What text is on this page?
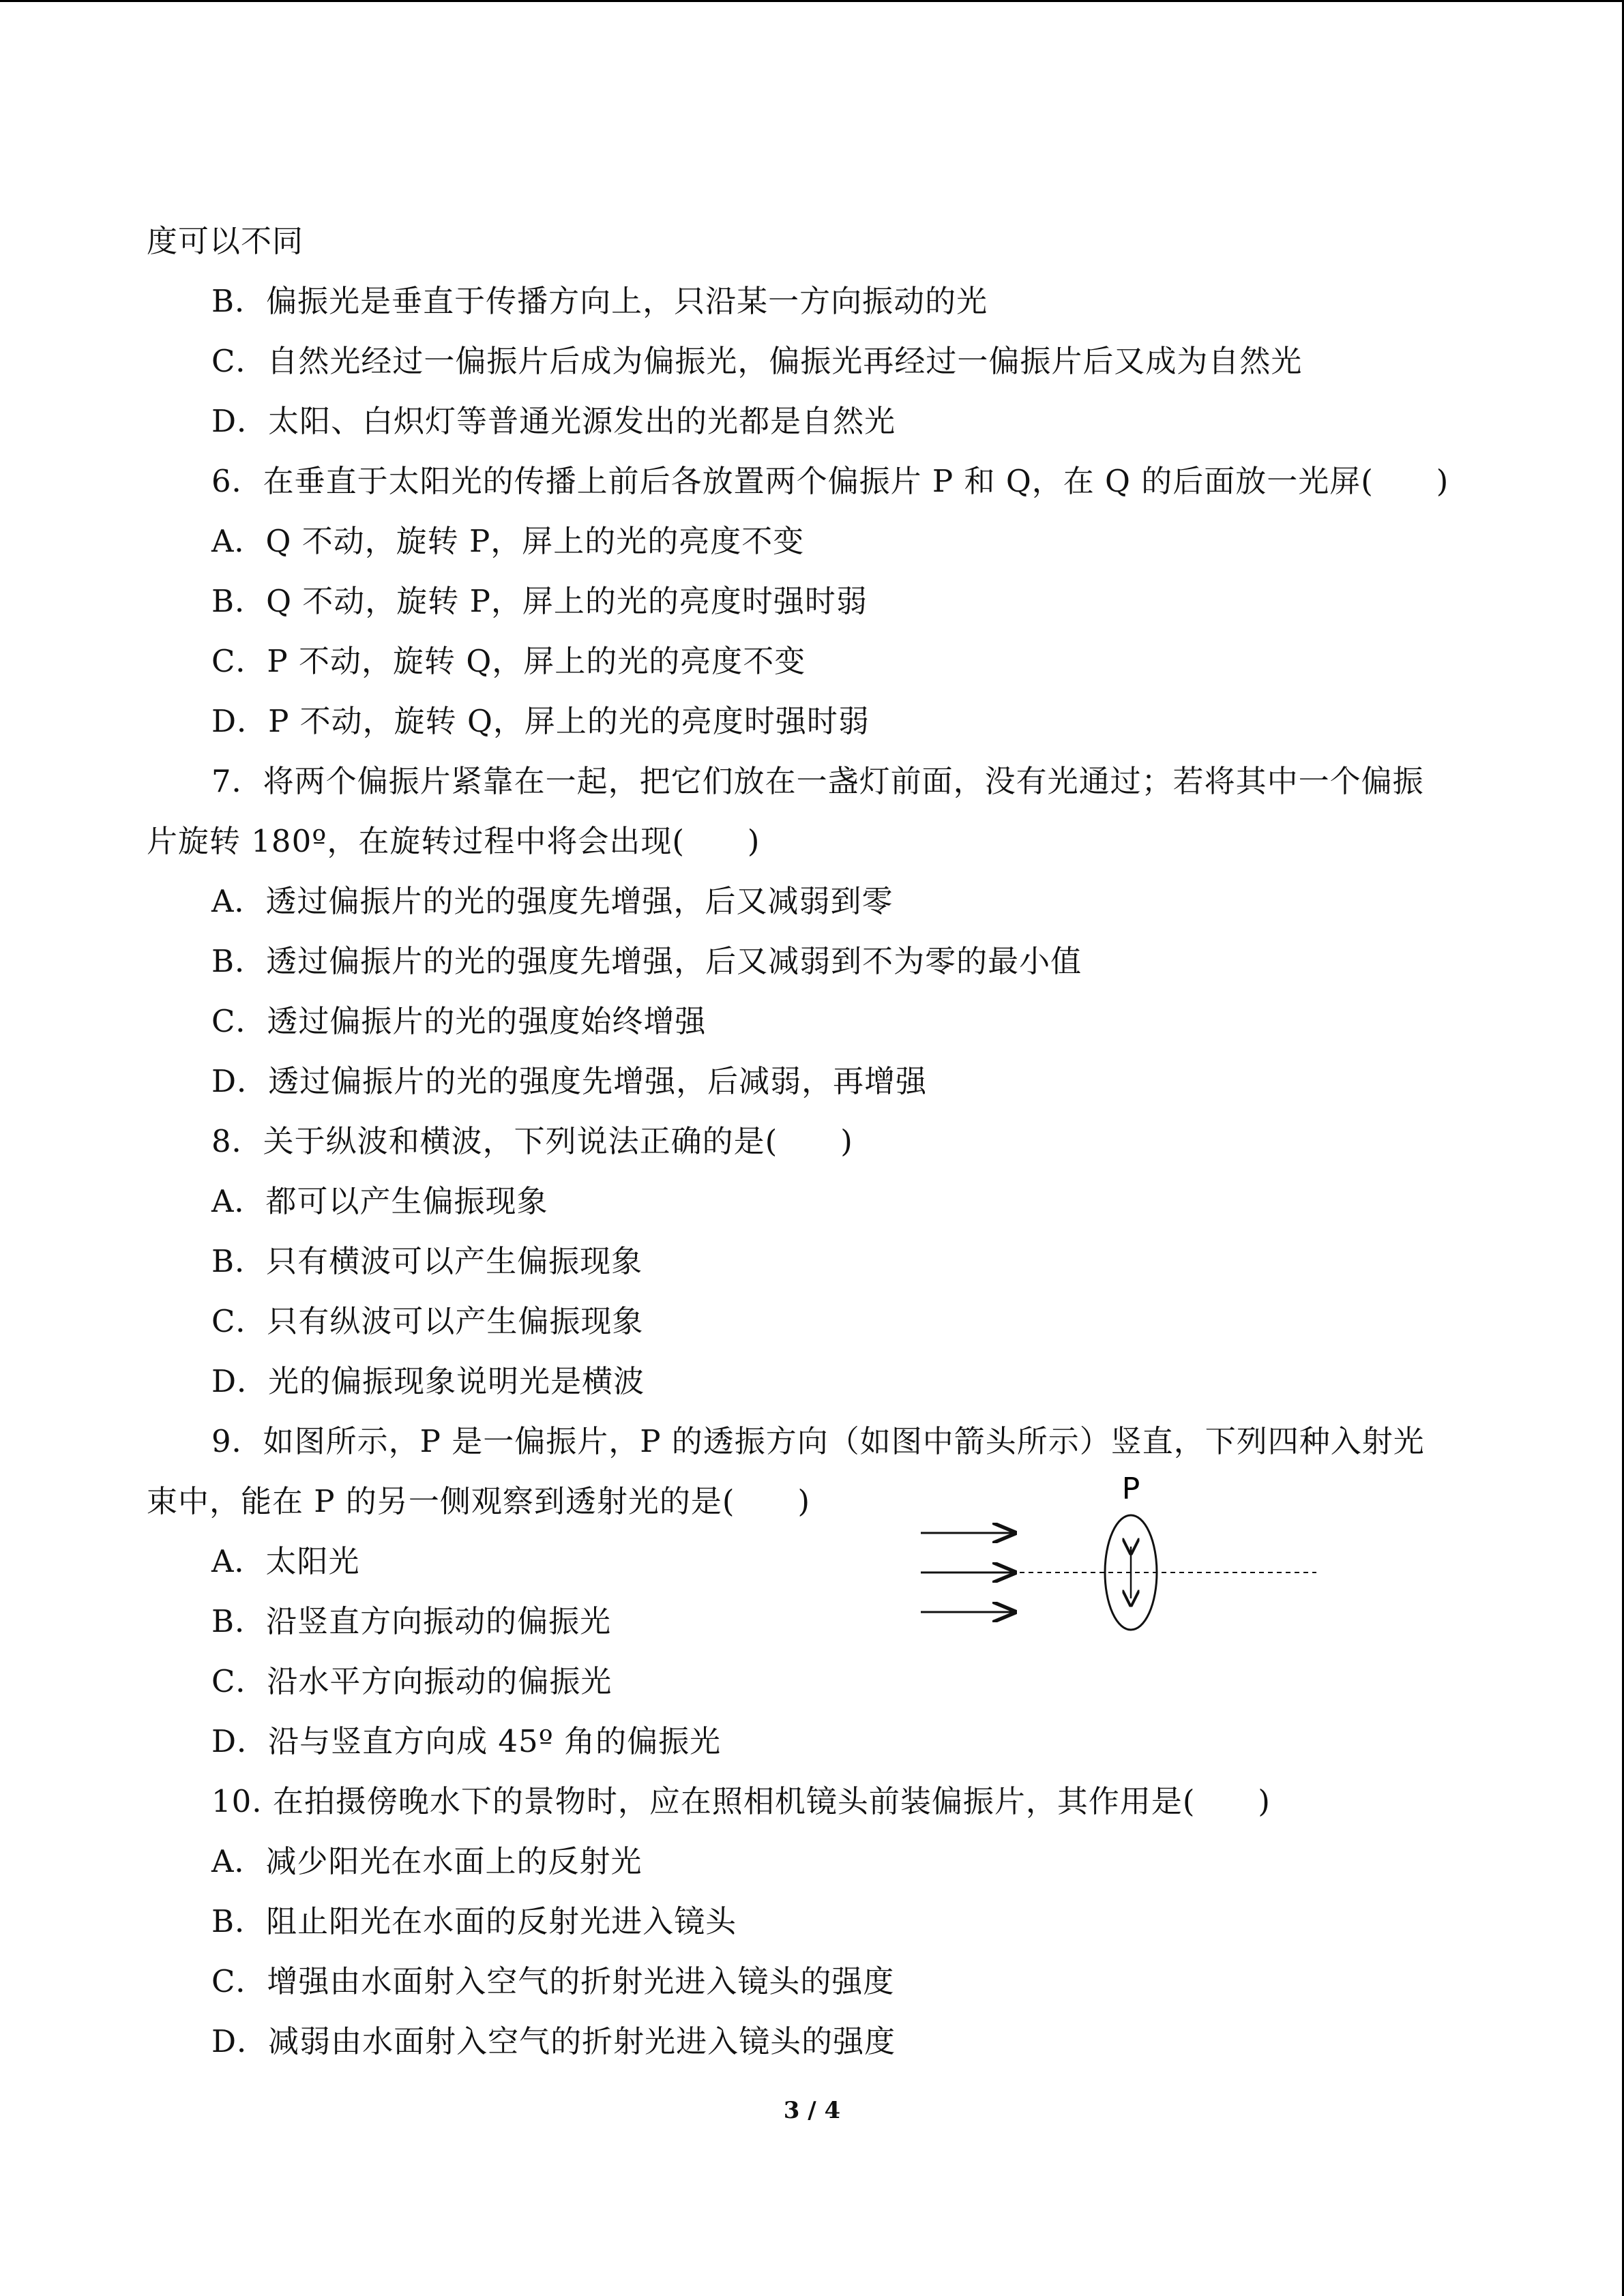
度可以不同
B．偏振光是垂直于传播方向上，只沿某一方向振动的光
C．自然光经过一偏振片后成为偏振光，偏振光再经过一偏振片后又成为自然光
D．太阳、白炽灯等普通光源发出的光都是自然光
6．在垂直于太阳光的传播上前后各放置两个偏振片 P 和 Q，在 Q 的后面放一光屏(　　)
A．Q 不动，旋转 P，屏上的光的亮度不变
B．Q 不动，旋转 P，屏上的光的亮度时强时弱
C．P 不动，旋转 Q，屏上的光的亮度不变
D．P 不动，旋转 Q，屏上的光的亮度时强时弱
7．将两个偏振片紧靠在一起，把它们放在一盏灯前面，没有光通过；若将其中一个偏振
片旋转 180º，在旋转过程中将会出现(　　)
A．透过偏振片的光的强度先增强，后又减弱到零
B．透过偏振片的光的强度先增强，后又减弱到不为零的最小值
C．透过偏振片的光的强度始终增强
D．透过偏振片的光的强度先增强，后减弱，再增强
8．关于纵波和横波，下列说法正确的是(　　)
A．都可以产生偏振现象
B．只有横波可以产生偏振现象
C．只有纵波可以产生偏振现象
D．光的偏振现象说明光是横波
9．如图所示，P 是一偏振片，P 的透振方向（如图中箭头所示）竖直，下列四种入射光
束中，能在 P 的另一侧观察到透射光的是(　　)
A．太阳光
B．沿竖直方向振动的偏振光
C．沿水平方向振动的偏振光
D．沿与竖直方向成 45º 角的偏振光
10. 在拍摄傍晚水下的景物时，应在照相机镜头前装偏振片，其作用是(　　)
A．减少阳光在水面上的反射光
B．阻止阳光在水面的反射光进入镜头
C．增强由水面射入空气的折射光进入镜头的强度
D．减弱由水面射入空气的折射光进入镜头的强度
P
3 / 4
